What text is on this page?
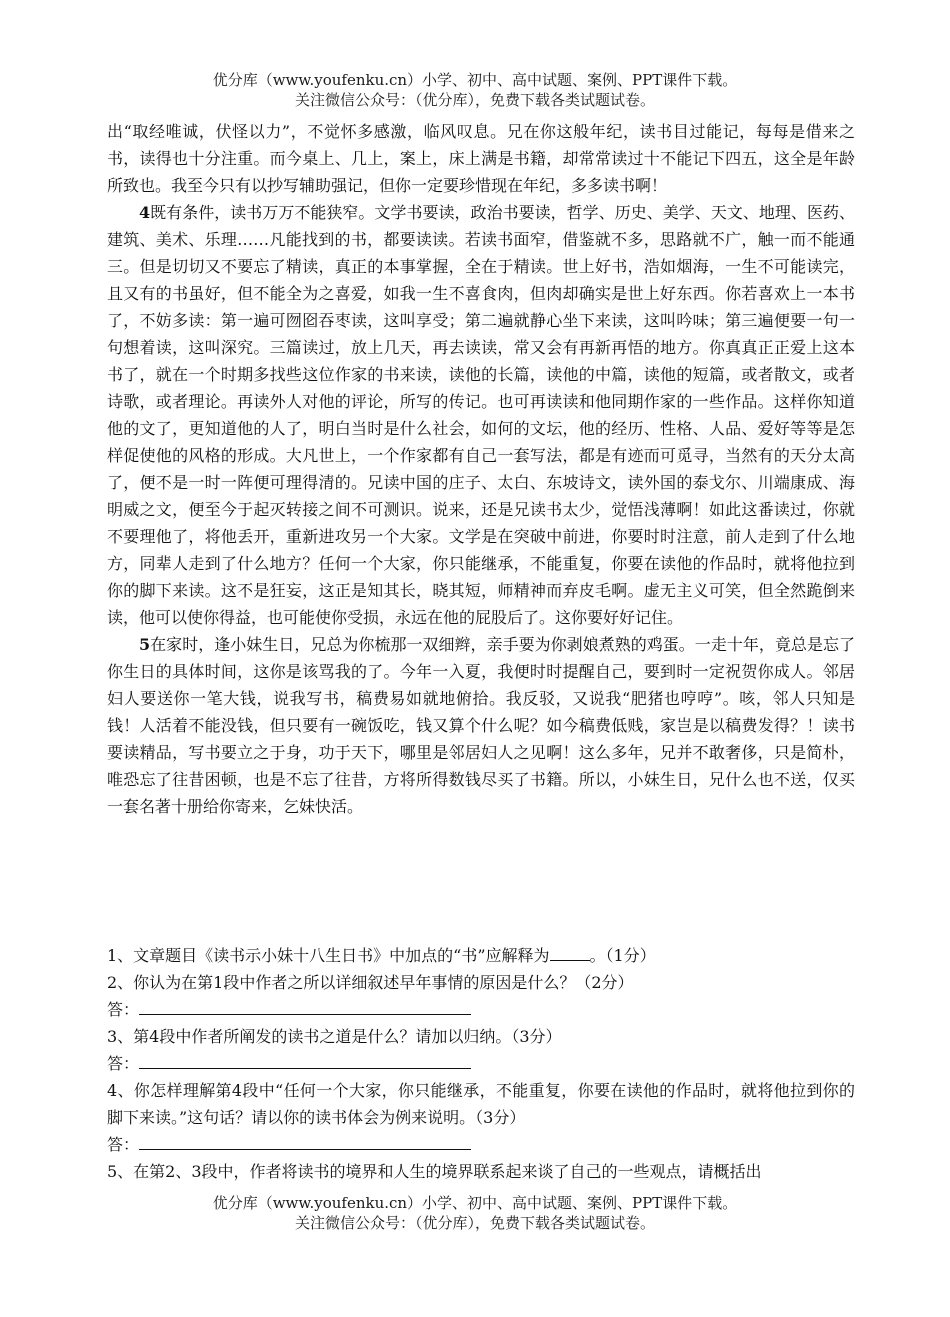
优分库（www.youfenku.cn）小学、初中、高中试题、案例、PPT课件下载。
关注微信公众号：（优分库），免费下载各类试题试卷。

出“取经唯诚，伏怪以力”，不觉怀多感激，临风叹息。兄在你这般年纪，读书目过能记，每每是借来之书，读得也十分注重。而今桌上、几上，案上，床上满是书籍，却常常读过十不能记下四五，这全是年龄所致也。我至今只有以抄写辅助强记，但你一定要珍惜现在年纪，多多读书啊！

4既有条件，读书万万不能狭窄。文学书要读，政治书要读，哲学、历史、美学、天文、地理、医药、建筑、美术、乐理……凡能找到的书，都要读读。若读书面窄，借鉴就不多，思路就不广，触一而不能通三。但是切切又不要忘了精读，真正的本事掌握，全在于精读。世上好书，浩如烟海，一生不可能读完，且又有的书虽好，但不能全为之喜爱，如我一生不喜食肉，但肉却确实是世上好东西。你若喜欢上一本书了，不妨多读：第一遍可囫囵吞枣读，这叫享受；第二遍就静心坐下来读，这叫吟味；第三遍便要一句一句想着读，这叫深究。三篇读过，放上几天，再去读读，常又会有再新再悟的地方。你真真正正爱上这本书了，就在一个时期多找些这位作家的书来读，读他的长篇，读他的中篇，读他的短篇，或者散文，或者诗歌，或者理论。再读外人对他的评论，所写的传记。也可再读读和他同期作家的一些作品。这样你知道他的文了，更知道他的人了，明白当时是什么社会，如何的文坛，他的经历、性格、人品、爱好等等是怎样促使他的风格的形成。大凡世上，一个作家都有自己一套写法，都是有迹而可觅寻，当然有的天分太高了，便不是一时一阵便可理得清的。兄读中国的庄子、太白、东坡诗文，读外国的泰戈尔、川端康成、海明威之文，便至今于起灭转接之间不可测识。说来，还是兄读书太少，觉悟浅薄啊！如此这番读过，你就不要理他了，将他丢开，重新进攻另一个大家。文学是在突破中前进，你要时时注意，前人走到了什么地方，同辈人走到了什么地方？任何一个大家，你只能继承，不能重复，你要在读他的作品时，就将他拉到你的脚下来读。这不是狂妄，这正是知其长，晓其短，师精神而弃皮毛啊。虚无主义可笑，但全然跪倒来读，他可以使你得益，也可能使你受损，永远在他的屁股后了。这你要好好记住。

5在家时，逢小妹生日，兄总为你梳那一双细辫，亲手要为你剥娘煮熟的鸡蛋。一走十年，竟总是忘了你生日的具体时间，这你是该骂我的了。今年一入夏，我便时时提醒自己，要到时一定祝贺你成人。邻居妇人要送你一笔大钱，说我写书，稿费易如就地俯拾。我反驳，又说我“肥猪也哼哼”。咳，邻人只知是钱！人活着不能没钱，但只要有一碗饭吃，钱又算个什么呢？如今稿费低贱，家岂是以稿费发得？！读书要读精品，写书要立之于身，功于天下，哪里是邻居妇人之见啊！这么多年，兄并不敢奢侈，只是简朴，唯恐忘了往昔困顿，也是不忘了往昔，方将所得数钱尽买了书籍。所以，小妹生日，兄什么也不送，仅买一套名著十册给你寄来，乞妹快活。

1、文章题目《读书示小妹十八生日书》中加点的“书”应解释为	。（1分）

2、你认为在第1段中作者之所以详细叙述早年事情的原因是什么？（2分）

答：

3、第4段中作者所阐发的读书之道是什么？请加以归纳。（3分）

答：

4、你怎样理解第4段中“任何一个大家，你只能继承，不能重复，你要在读他的作品时，就将他拉到你的脚下来读。”这句话？请以你的读书体会为例来说明。（3分）

答：

5、在第2、3段中，作者将读书的境界和人生的境界联系起来谈了自己的一些观点，请概括出

优分库（www.youfenku.cn）小学、初中、高中试题、案例、PPT课件下载。
关注微信公众号：（优分库），免费下载各类试题试卷。
